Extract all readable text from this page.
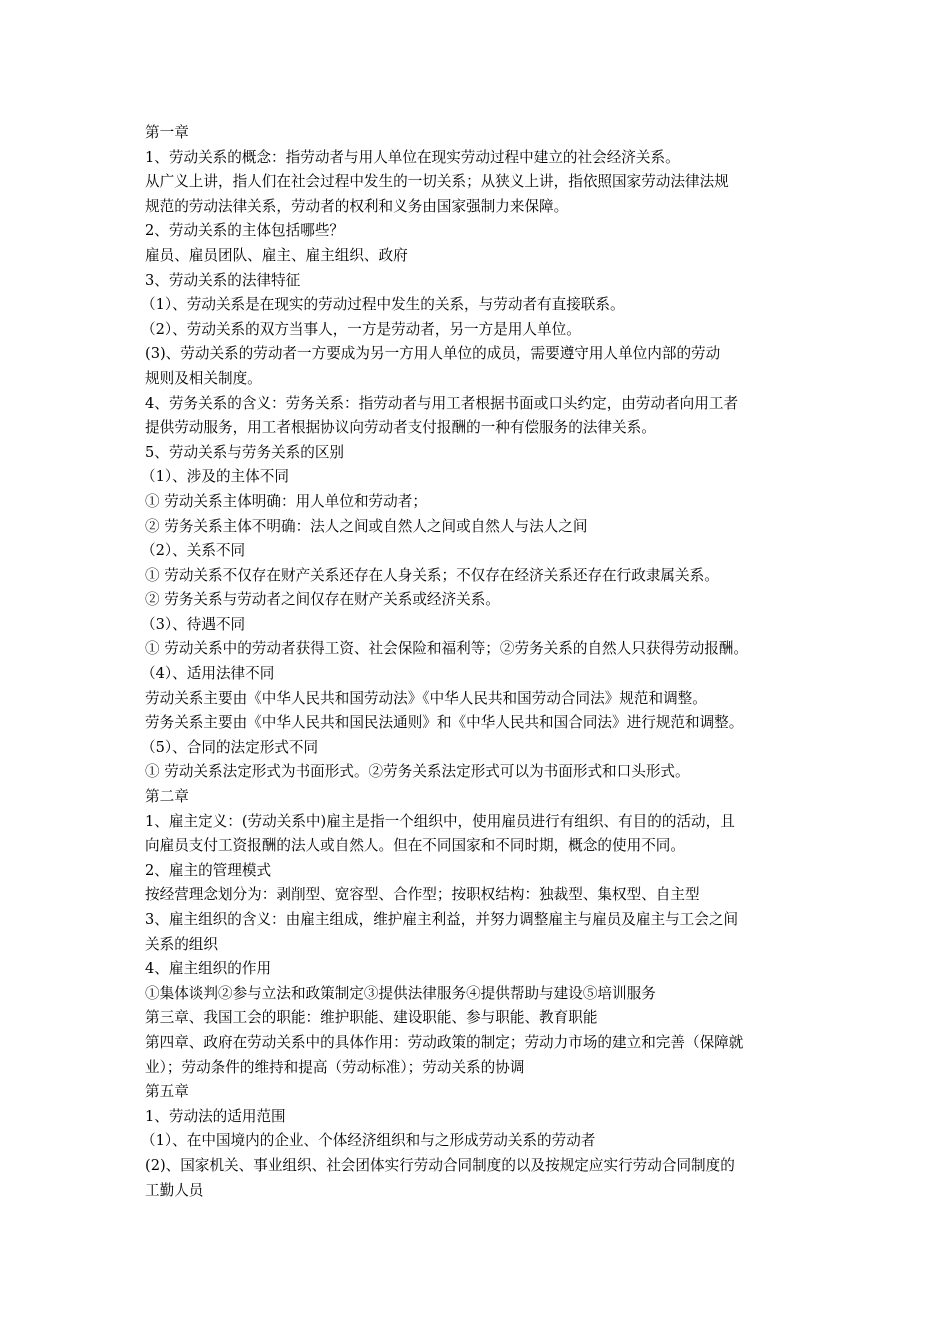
第一章

1、劳动关系的概念：指劳动者与用人单位在现实劳动过程中建立的社会经济关系。

从广义上讲，指人们在社会过程中发生的一切关系；从狭义上讲，指依照国家劳动法律法规

规范的劳动法律关系，劳动者的权利和义务由国家强制力来保障。

2、劳动关系的主体包括哪些？

雇员、雇员团队、雇主、雇主组织、政府

3、劳动关系的法律特征

（1）、劳动关系是在现实的劳动过程中发生的关系，与劳动者有直接联系。

（2）、劳动关系的双方当事人，一方是劳动者，另一方是用人单位。

(3)、劳动关系的劳动者一方要成为另一方用人单位的成员，需要遵守用人单位内部的劳动

规则及相关制度。

4、劳务关系的含义：劳务关系：指劳动者与用工者根据书面或口头约定，由劳动者向用工者

提供劳动服务，用工者根据协议向劳动者支付报酬的一种有偿服务的法律关系。

5、劳动关系与劳务关系的区别

（1）、涉及的主体不同

① 劳动关系主体明确：用人单位和劳动者；

② 劳务关系主体不明确：法人之间或自然人之间或自然人与法人之间

（2）、关系不同

① 劳动关系不仅存在财产关系还存在人身关系；不仅存在经济关系还存在行政隶属关系。

② 劳务关系与劳动者之间仅存在财产关系或经济关系。

（3）、待遇不同

① 劳动关系中的劳动者获得工资、社会保险和福利等；②劳务关系的自然人只获得劳动报酬。

（4）、适用法律不同

劳动关系主要由《中华人民共和国劳动法》《中华人民共和国劳动合同法》规范和调整。

劳务关系主要由《中华人民共和国民法通则》和《中华人民共和国合同法》进行规范和调整。

（5）、合同的法定形式不同

① 劳动关系法定形式为书面形式。②劳务关系法定形式可以为书面形式和口头形式。

第二章

1、雇主定义：(劳动关系中)雇主是指一个组织中，使用雇员进行有组织、有目的的活动，且

向雇员支付工资报酬的法人或自然人。但在不同国家和不同时期，概念的使用不同。

2、雇主的管理模式

按经营理念划分为：剥削型、宽容型、合作型；按职权结构：独裁型、集权型、自主型

3、雇主组织的含义：由雇主组成，维护雇主利益，并努力调整雇主与雇员及雇主与工会之间

关系的组织

4、雇主组织的作用

①集体谈判②参与立法和政策制定③提供法律服务④提供帮助与建设⑤培训服务

第三章、我国工会的职能：维护职能、建设职能、参与职能、教育职能

第四章、政府在劳动关系中的具体作用：劳动政策的制定；劳动力市场的建立和完善（保障就

业）；劳动条件的维持和提高（劳动标准）；劳动关系的协调

第五章

1、劳动法的适用范围

（1）、在中国境内的企业、个体经济组织和与之形成劳动关系的劳动者

(2)、国家机关、事业组织、社会团体实行劳动合同制度的以及按规定应实行劳动合同制度的

工勤人员
